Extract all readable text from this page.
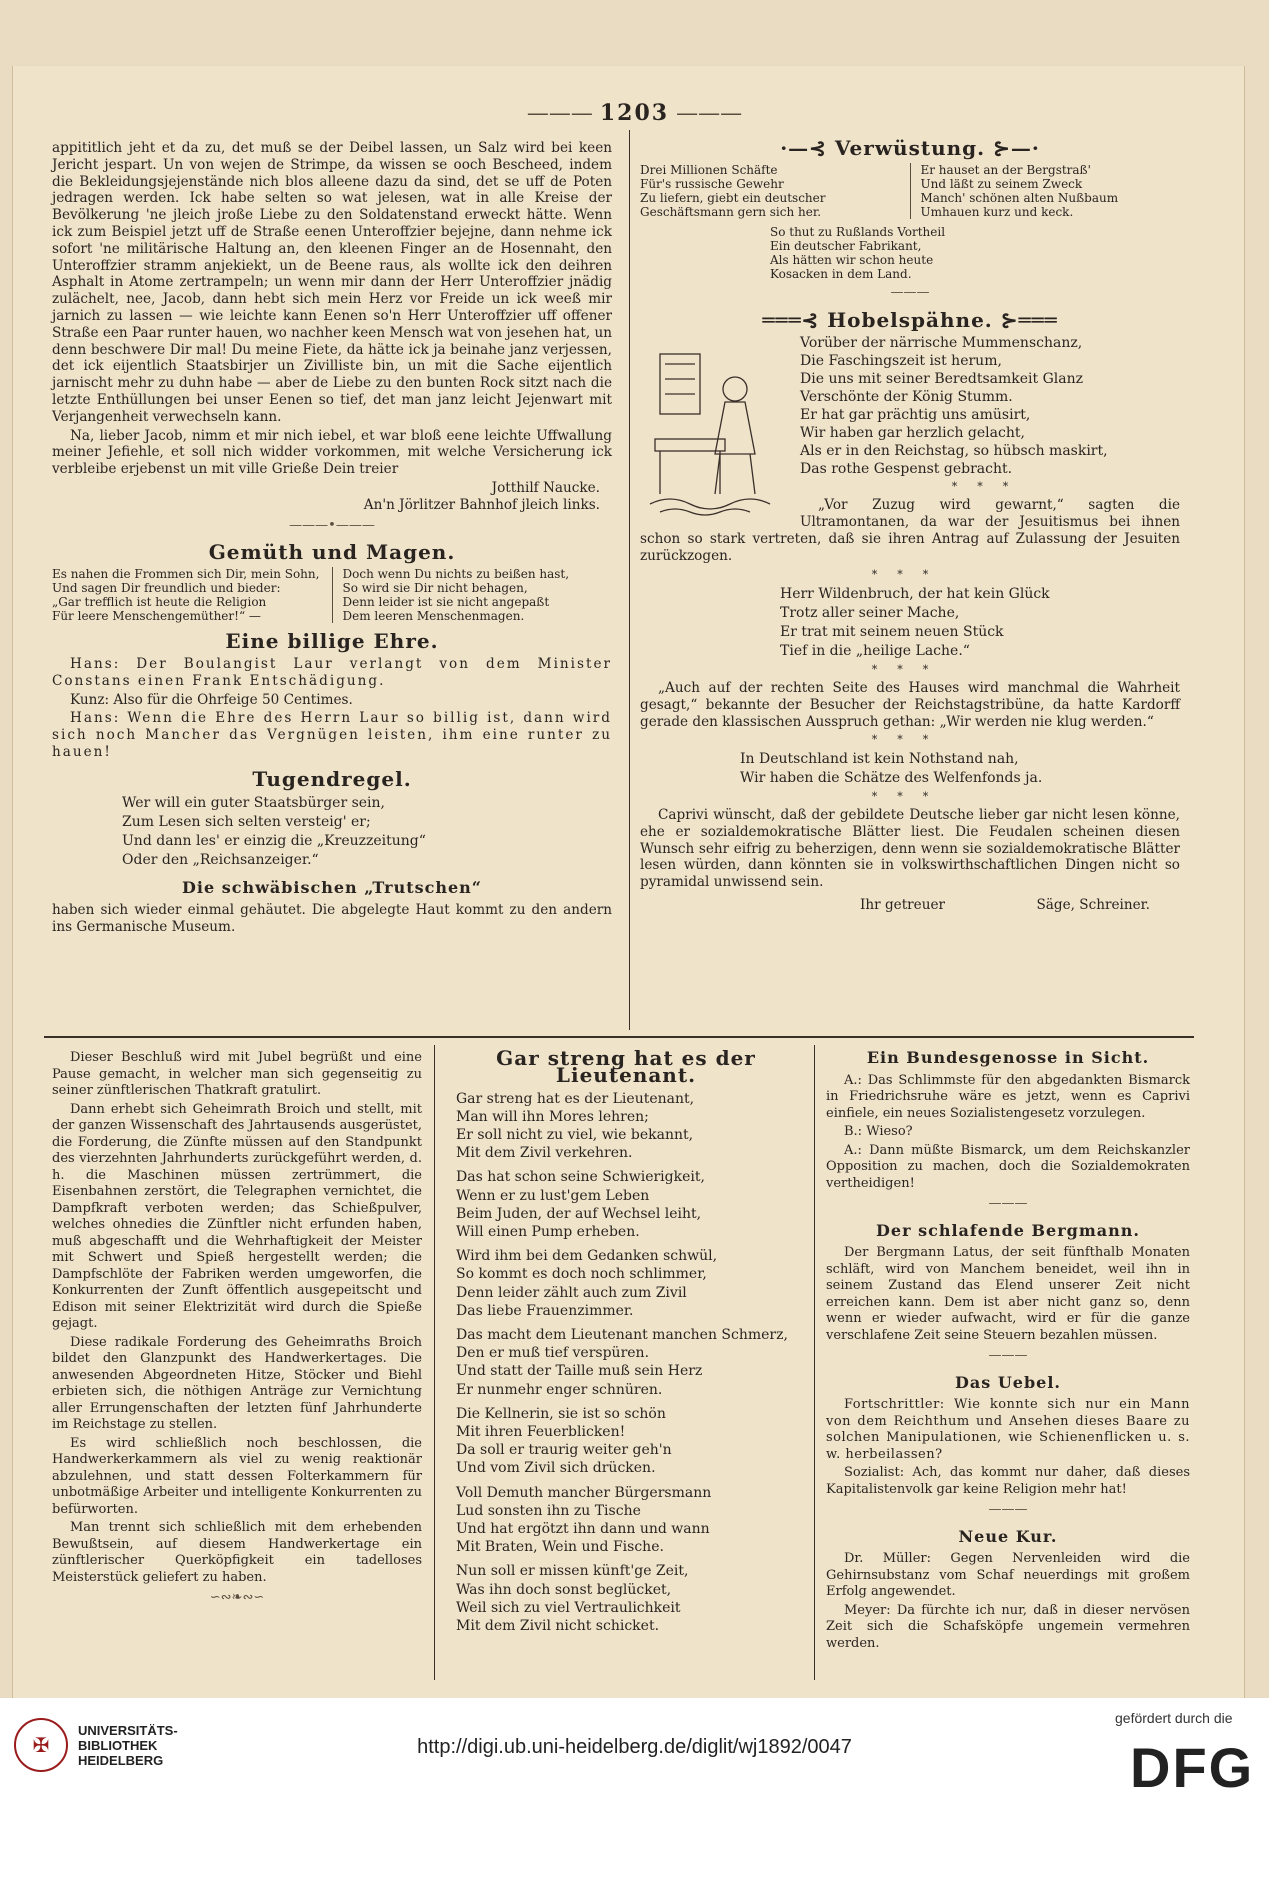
——— 1203 ———

appititlich jeht et da zu, det muß se der Deibel lassen, un Salz wird bei keen Jericht jespart. Un von wejen de Strimpe, da wissen se ooch Bescheed, indem die Bekleidungsjejenstände nich blos alleene dazu da sind, det se uff de Poten jedragen werden. Ick habe selten so wat jelesen, wat in alle Kreise der Bevölkerung 'ne jleich jroße Liebe zu den Soldatenstand erweckt hätte. Wenn ick zum Beispiel jetzt uff de Straße eenen Unteroffzier bejejne, dann nehme ick sofort 'ne militärische Haltung an, den kleenen Finger an de Hosennaht, den Unteroffzier stramm anjekiekt, un de Beene raus, als wollte ick den deihren Asphalt in Atome zertrampeln; un wenn mir dann der Herr Unteroffzier jnädig zulächelt, nee, Jacob, dann hebt sich mein Herz vor Freide un ick weeß mir jarnich zu lassen — wie leichte kann Eenen so'n Herr Unteroffzier uff offener Straße een Paar runter hauen, wo nachher keen Mensch wat von jesehen hat, un denn beschwere Dir mal! Du meine Fiete, da hätte ick ja beinahe janz verjessen, det ick eijentlich Staatsbirjer un Zivilliste bin, un mit die Sache eijentlich jarnischt mehr zu duhn habe — aber de Liebe zu den bunten Rock sitzt nach die letzte Enthüllungen bei unser Eenen so tief, det man janz leicht Jejenwart mit Verjangenheit verwechseln kann.

Na, lieber Jacob, nimm et mir nich iebel, et war bloß eene leichte Uffwallung meiner Jefiehle, et soll nich widder vorkommen, mit welche Versicherung ick verbleibe erjebenst un mit ville Grieße Dein treier

Jotthilf Naucke.
An'n Jörlitzer Bahnhof jleich links.
———•———
Gemüth und Magen.
Es nahen die Frommen sich Dir, mein Sohn,
Und sagen Dir freundlich und bieder:
„Gar trefflich ist heute die Religion
Für leere Menschengemüther!“ —
Doch wenn Du nichts zu beißen hast,
So wird sie Dir nicht behagen,
Denn leider ist sie nicht angepaßt
Dem leeren Menschenmagen.
Eine billige Ehre.

Hans: Der Boulangist Laur verlangt von dem Minister Constans einen Frank Entschädigung.

Kunz: Also für die Ohrfeige 50 Centimes.

Hans: Wenn die Ehre des Herrn Laur so billig ist, dann wird sich noch Mancher das Vergnügen leisten, ihm eine runter zu hauen!

Tugendregel.
Wer will ein guter Staatsbürger sein,
Zum Lesen sich selten versteig' er;
Und dann les' er einzig die „Kreuzzeitung“
Oder den „Reichsanzeiger.“
Die schwäbischen „Trutschen“

haben sich wieder einmal gehäutet. Die abgelegte Haut kommt zu den andern ins Germanische Museum.

·—⊰ Verwüstung. ⊱—·
Drei Millionen Schäfte
Für's russische Gewehr
Zu liefern, giebt ein deutscher
Geschäftsmann gern sich her.
Er hauset an der Bergstraß'
Und läßt zu seinem Zweck
Manch' schönen alten Nußbaum
Umhauen kurz und keck.
So thut zu Rußlands Vortheil
Ein deutscher Fabrikant,
Als hätten wir schon heute
Kosacken in dem Land.
———
═══⊰ Hobelspähne. ⊱═══
Vorüber der närrische Mummenschanz,
Die Faschingszeit ist herum,
Die uns mit seiner Beredtsamkeit Glanz
Verschönte der König Stumm.
Er hat gar prächtig uns amüsirt,
Wir haben gar herzlich gelacht,
Als er in den Reichstag, so hübsch maskirt,
Das rothe Gespenst gebracht.
***

„Vor Zuzug wird gewarnt,“ sagten die Ultramontanen, da war der Jesuitismus bei ihnen schon so stark vertreten, daß sie ihren Antrag auf Zulassung der Jesuiten zurückzogen.

***
Herr Wildenbruch, der hat kein Glück
Trotz aller seiner Mache,
Er trat mit seinem neuen Stück
Tief in die „heilige Lache.“
***

„Auch auf der rechten Seite des Hauses wird manchmal die Wahrheit gesagt,“ bekannte der Besucher der Reichstagstribüne, da hatte Kardorff gerade den klassischen Ausspruch gethan: „Wir werden nie klug werden.“

***
In Deutschland ist kein Nothstand nah,
Wir haben die Schätze des Welfenfonds ja.
***

Caprivi wünscht, daß der gebildete Deutsche lieber gar nicht lesen könne, ehe er sozialdemokratische Blätter liest. Die Feudalen scheinen diesen Wunsch sehr eifrig zu beherzigen, denn wenn sie sozialdemokratische Blätter lesen würden, dann könnten sie in volkswirthschaftlichen Dingen nicht so pyramidal unwissend sein.

Ihr getreuer	Säge, Schreiner.

Dieser Beschluß wird mit Jubel begrüßt und eine Pause gemacht, in welcher man sich gegenseitig zu seiner zünftlerischen Thatkraft gratulirt.

Dann erhebt sich Geheimrath Broich und stellt, mit der ganzen Wissenschaft des Jahrtausends ausgerüstet, die Forderung, die Zünfte müssen auf den Standpunkt des vierzehnten Jahrhunderts zurückgeführt werden, d. h. die Maschinen müssen zertrümmert, die Eisenbahnen zerstört, die Telegraphen vernichtet, die Dampfkraft verboten werden; das Schießpulver, welches ohnedies die Zünftler nicht erfunden haben, muß abgeschafft und die Wehrhaftigkeit der Meister mit Schwert und Spieß hergestellt werden; die Dampfschlöte der Fabriken werden umgeworfen, die Konkurrenten der Zunft öffentlich ausgepeitscht und Edison mit seiner Elektrizität wird durch die Spieße gejagt.

Diese radikale Forderung des Geheimraths Broich bildet den Glanzpunkt des Handwerkertages. Die anwesenden Abgeordneten Hitze, Stöcker und Biehl erbieten sich, die nöthigen Anträge zur Vernichtung aller Errungenschaften der letzten fünf Jahrhunderte im Reichstage zu stellen.

Es wird schließlich noch beschlossen, die Handwerkerkammern als viel zu wenig reaktionär abzulehnen, und statt dessen Folterkammern für unbotmäßige Arbeiter und intelligente Konkurrenten zu befürworten.

Man trennt sich schließlich mit dem erhebenden Bewußtsein, auf diesem Handwerkertage ein zünftlerischer Querköpfigkeit ein tadelloses Meisterstück geliefert zu haben.

∽∾❧∾∽
Gar streng hat es der Lieutenant.
Gar streng hat es der Lieutenant,
Man will ihn Mores lehren;
Er soll nicht zu viel, wie bekannt,
Mit dem Zivil verkehren.
Das hat schon seine Schwierigkeit,
Wenn er zu lust'gem Leben
Beim Juden, der auf Wechsel leiht,
Will einen Pump erheben.
Wird ihm bei dem Gedanken schwül,
So kommt es doch noch schlimmer,
Denn leider zählt auch zum Zivil
Das liebe Frauenzimmer.
Das macht dem Lieutenant manchen Schmerz,
Den er muß tief verspüren.
Und statt der Taille muß sein Herz
Er nunmehr enger schnüren.
Die Kellnerin, sie ist so schön
Mit ihren Feuerblicken!
Da soll er traurig weiter geh'n
Und vom Zivil sich drücken.
Voll Demuth mancher Bürgersmann
Lud sonsten ihn zu Tische
Und hat ergötzt ihn dann und wann
Mit Braten, Wein und Fische.
Nun soll er missen künft'ge Zeit,
Was ihn doch sonst beglücket,
Weil sich zu viel Vertraulichkeit
Mit dem Zivil nicht schicket.
Ein Bundesgenosse in Sicht.

A.: Das Schlimmste für den abgedankten Bismarck in Friedrichsruhe wäre es jetzt, wenn es Caprivi einfiele, ein neues Sozialistengesetz vorzulegen.

B.: Wieso?

A.: Dann müßte Bismarck, um dem Reichskanzler Opposition zu machen, doch die Sozialdemokraten vertheidigen!

———
Der schlafende Bergmann.

Der Bergmann Latus, der seit fünfthalb Monaten schläft, wird von Manchem beneidet, weil ihn in seinem Zustand das Elend unserer Zeit nicht erreichen kann. Dem ist aber nicht ganz so, denn wenn er wieder aufwacht, wird er für die ganze verschlafene Zeit seine Steuern bezahlen müssen.

———
Das Uebel.

Fortschrittler: Wie konnte sich nur ein Mann von dem Reichthum und Ansehen dieses Baare zu solchen Manipulationen, wie Schienenflicken u. s. w. herbeilassen?

Sozialist: Ach, das kommt nur daher, daß dieses Kapitalistenvolk gar keine Religion mehr hat!

———
Neue Kur.

Dr. Müller: Gegen Nervenleiden wird die Gehirnsubstanz vom Schaf neuerdings mit großem Erfolg angewendet.

Meyer: Da fürchte ich nur, daß in dieser nervösen Zeit sich die Schafsköpfe ungemein vermehren werden.

✠
UNIVERSITÄTS-
BIBLIOTHEK
HEIDELBERG
http://digi.ub.uni-heidelberg.de/diglit/wj1892/0047
gefördert durch die
DFG
